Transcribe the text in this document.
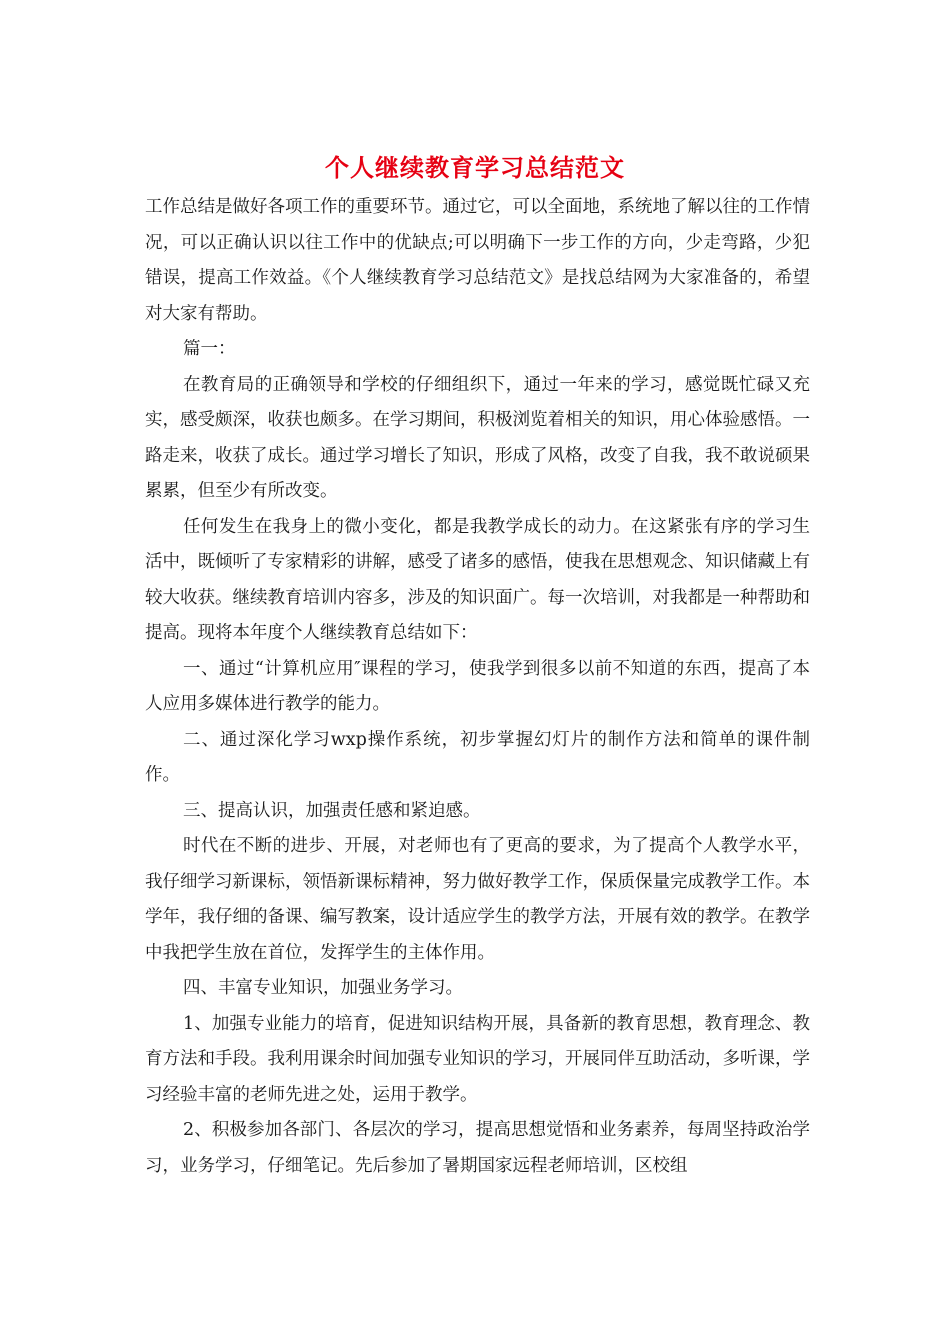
个人继续教育学习总结范文

工作总结是做好各项工作的重要环节。通过它，可以全面地，系统地了解以往的工作情况，可以正确认识以往工作中的优缺点;可以明确下一步工作的方向，少走弯路，少犯错误，提高工作效益。《个人继续教育学习总结范文》是找总结网为大家准备的，希望对大家有帮助。

篇一：

在教育局的正确领导和学校的仔细组织下，通过一年来的学习，感觉既忙碌又充实，感受颇深，收获也颇多。在学习期间，积极浏览着相关的知识，用心体验感悟。一路走来，收获了成长。通过学习增长了知识，形成了风格，改变了自我，我不敢说硕果累累，但至少有所改变。

任何发生在我身上的微小变化，都是我教学成长的动力。在这紧张有序的学习生活中，既倾听了专家精彩的讲解，感受了诸多的感悟，使我在思想观念、知识储藏上有较大收获。继续教育培训内容多，涉及的知识面广。每一次培训，对我都是一种帮助和提高。现将本年度个人继续教育总结如下：

一、通过“计算机应用″课程的学习，使我学到很多以前不知道的东西，提高了本人应用多媒体进行教学的能力。

二、通过深化学习wxp操作系统，初步掌握幻灯片的制作方法和简单的课件制作。

三、提高认识，加强责任感和紧迫感。

时代在不断的进步、开展，对老师也有了更高的要求，为了提高个人教学水平，我仔细学习新课标，领悟新课标精神，努力做好教学工作，保质保量完成教学工作。本学年，我仔细的备课、编写教案，设计适应学生的教学方法，开展有效的教学。在教学中我把学生放在首位，发挥学生的主体作用。

四、丰富专业知识，加强业务学习。

1、加强专业能力的培育，促进知识结构开展，具备新的教育思想，教育理念、教育方法和手段。我利用课余时间加强专业知识的学习，开展同伴互助活动，多听课，学习经验丰富的老师先进之处，运用于教学。

2、积极参加各部门、各层次的学习，提高思想觉悟和业务素养，每周坚持政治学习，业务学习，仔细笔记。先后参加了暑期国家远程老师培训，区校组
